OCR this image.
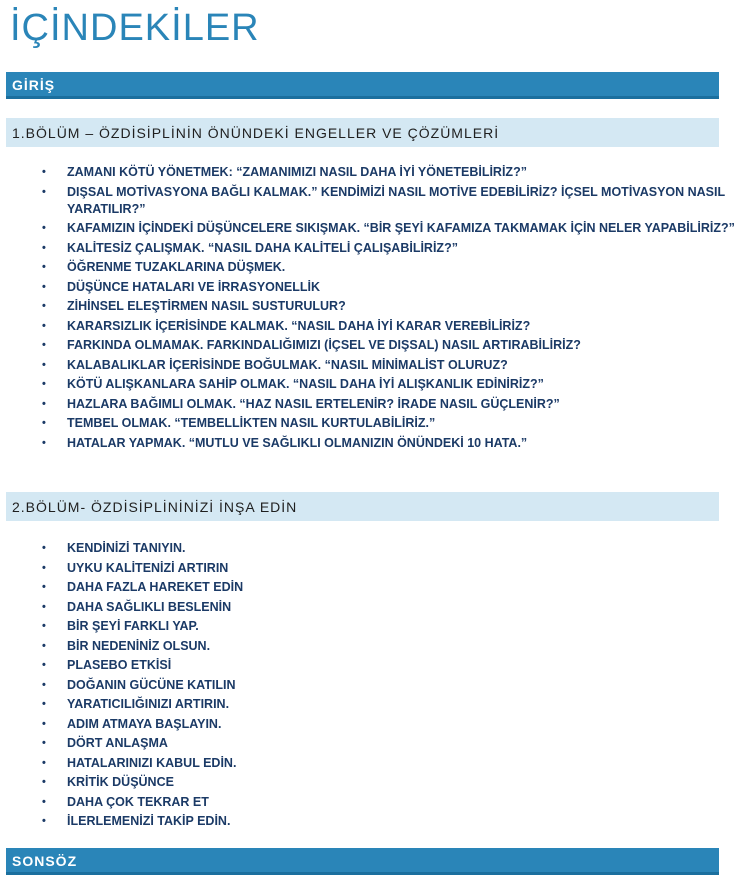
İÇİNDEKİLER
GİRİŞ
1.BÖLÜM – ÖZDİSİPLİNİN ÖNÜNDEKİ ENGELLER VE ÇÖZÜMLERİ
• ZAMANI KÖTÜ YÖNETMEK: “ZAMANIMIZI NASIL DAHA İYİ YÖNETEBİLİRİZ?”
• DIŞSAL MOTİVASYONA BAĞLI KALMAK.” KENDİMİZİ NASIL MOTİVE EDEBİLİRİZ? İÇSEL MOTİVASYON NASIL YARATILIR?”
• KAFAMIZIN İÇİNDEKİ DÜŞÜNCELERE SIKIŞMAK. “BİR ŞEYİ KAFAMIZA TAKMAMAK İÇİN NELER YAPABİLİRİZ?”
• KALİTESİZ ÇALIŞMAK. “NASIL DAHA KALİTELİ ÇALIŞABİLİRİZ?”
• ÖĞRENME TUZAKLARINA DÜŞMEK.
• DÜŞÜNCE HATALARI VE İRRASYONELLİK
• ZİHİNSEL ELEŞTİRMEN NASIL SUSTURULUR?
• KARARSIZLIK İÇERİSİNDE KALMAK. “NASIL DAHA İYİ KARAR VEREBİLİRİZ?
• FARKINDA OLMAMAK. FARKINDALIĞIMIZI (İÇSEL VE DIŞSAL) NASIL ARTIRABİLİRİZ?
• KALABALIKLAR İÇERİSİNDE BOĞULMAK. “NASIL MİNİMALİST OLURUZ?
• KÖTÜ ALIŞKANLARA SAHİP OLMAK. “NASIL DAHA İYİ ALIŞKANLIK EDİNİRİZ?”
• HAZLARA BAĞIMLI OLMAK. “HAZ NASIL ERTELENİR? İRADE NASIL GÜÇLENİR?”
• TEMBEL OLMAK. “TEMBELLİKTEN NASIL KURTULABİLİRİZ.”
• HATALAR YAPMAK. “MUTLU VE SAĞLIKLI OLMANIZIN ÖNÜNDEKİ 10 HATA.”
2.BÖLÜM- ÖZDİSİPLİNİNİZİ İNŞA EDİN
• KENDİNİZİ TANIYIN.
• UYKU KALİTENİZİ ARTIRIN
• DAHA FAZLA HAREKET EDİN
• DAHA SAĞLIKLI BESLENİN
• BİR ŞEYİ FARKLI YAP.
• BİR NEDENİNİZ OLSUN.
• PLASEBO ETKİSİ
• DOĞANIN GÜCÜNE KATILIN
• YARATICILIĞINIZI ARTIRIN.
• ADIM ATMAYA BAŞLAYIN.
• DÖRT ANLAŞMA
• HATALARINIZI KABUL EDİN.
• KRİTİK DÜŞÜNCE
• DAHA ÇOK TEKRAR ET
• İLERLEMENİZİ TAKİP EDİN.
SONSÖZ
